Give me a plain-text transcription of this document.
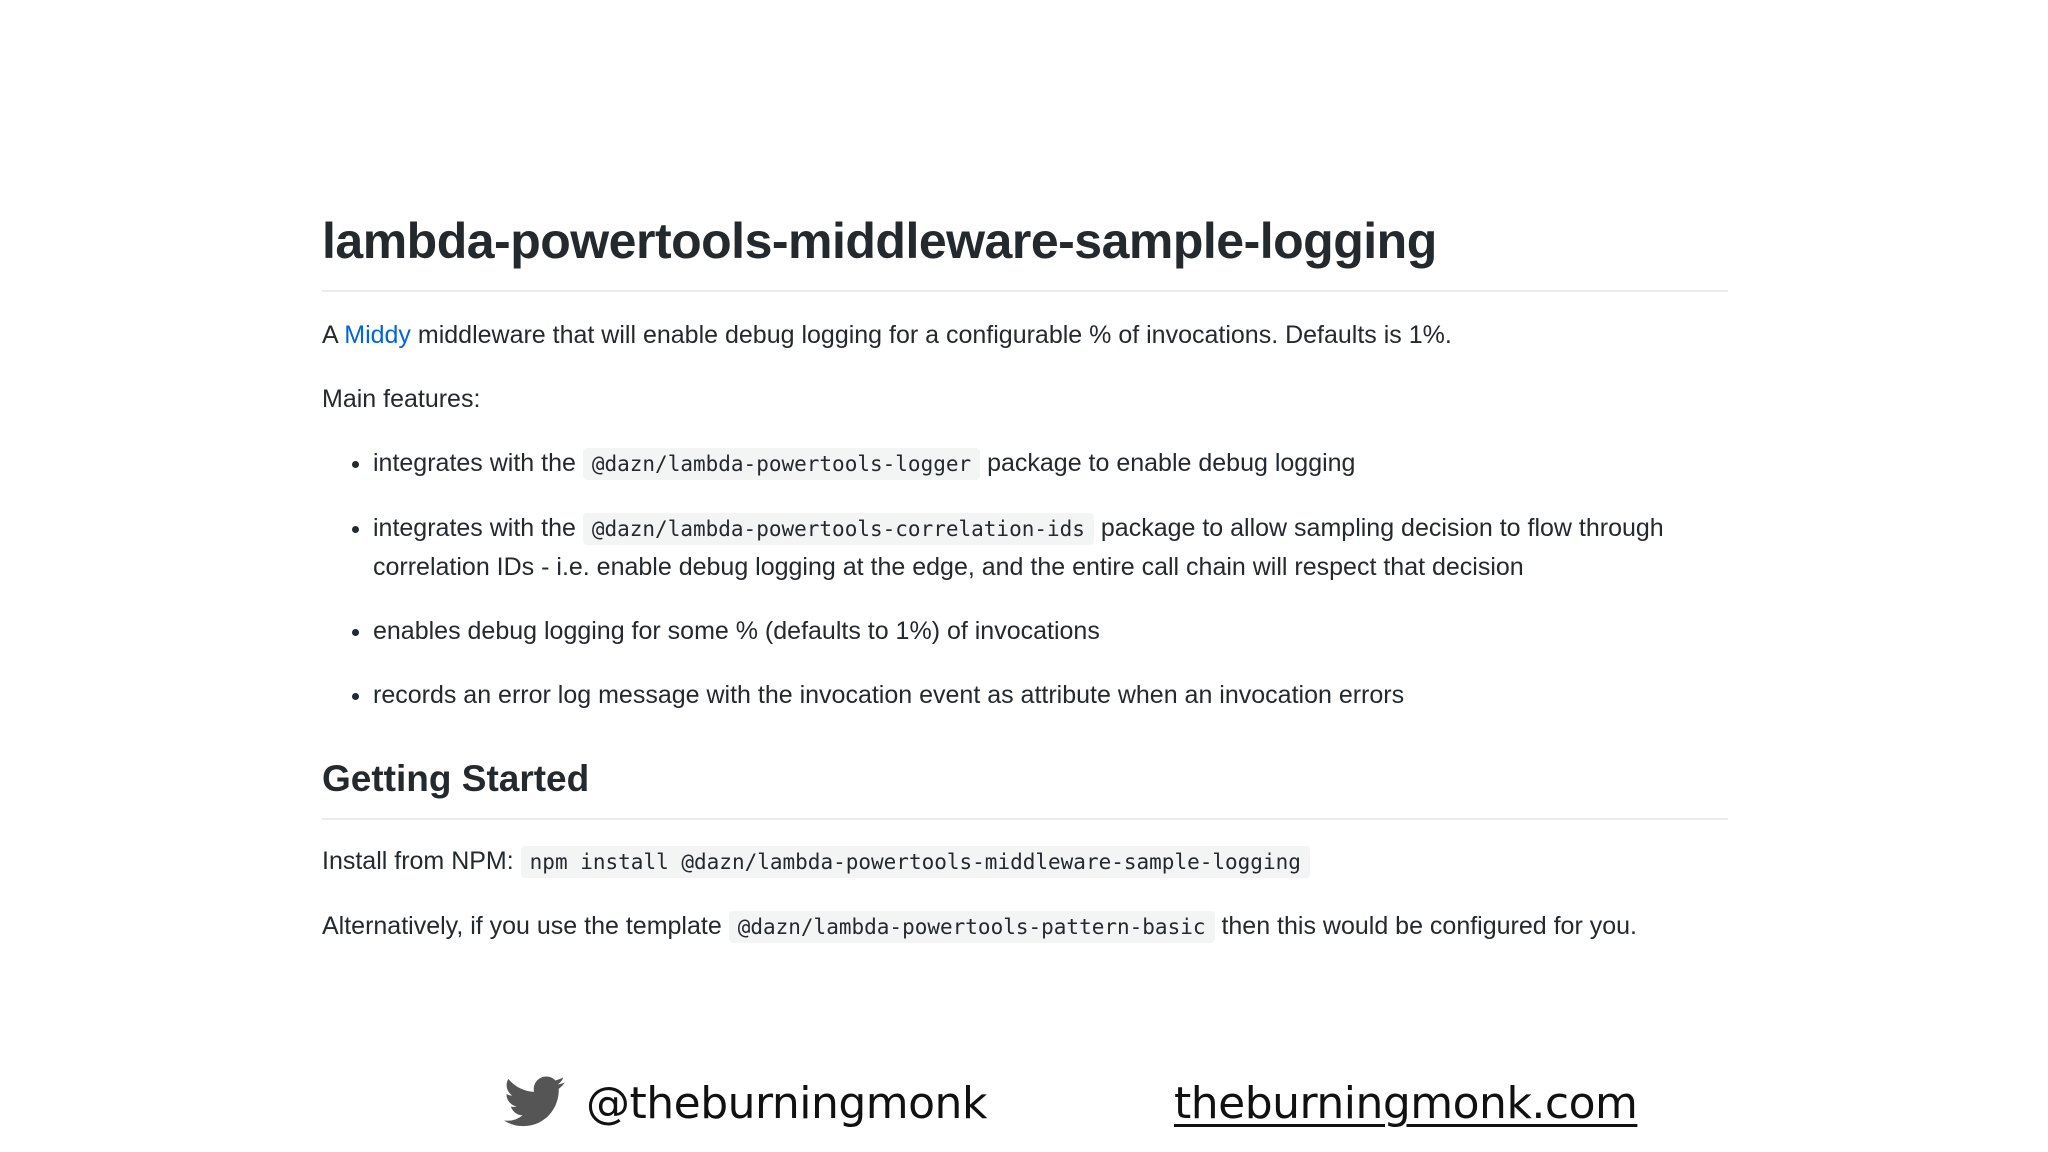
lambda-powertools-middleware-sample-logging

A Middy middleware that will enable debug logging for a configurable % of invocations. Defaults is 1%.

Main features:

• integrates with the @dazn/lambda-powertools-logger package to enable debug logging
• integrates with the @dazn/lambda-powertools-correlation-ids package to allow sampling decision to flow through correlation IDs - i.e. enable debug logging at the edge, and the entire call chain will respect that decision
• enables debug logging for some % (defaults to 1%) of invocations
• records an error log message with the invocation event as attribute when an invocation errors
Getting Started

Install from NPM: npm install @dazn/lambda-powertools-middleware-sample-logging

Alternatively, if you use the template @dazn/lambda-powertools-pattern-basic then this would be configured for you.

@theburningmonk	theburningmonk.com
